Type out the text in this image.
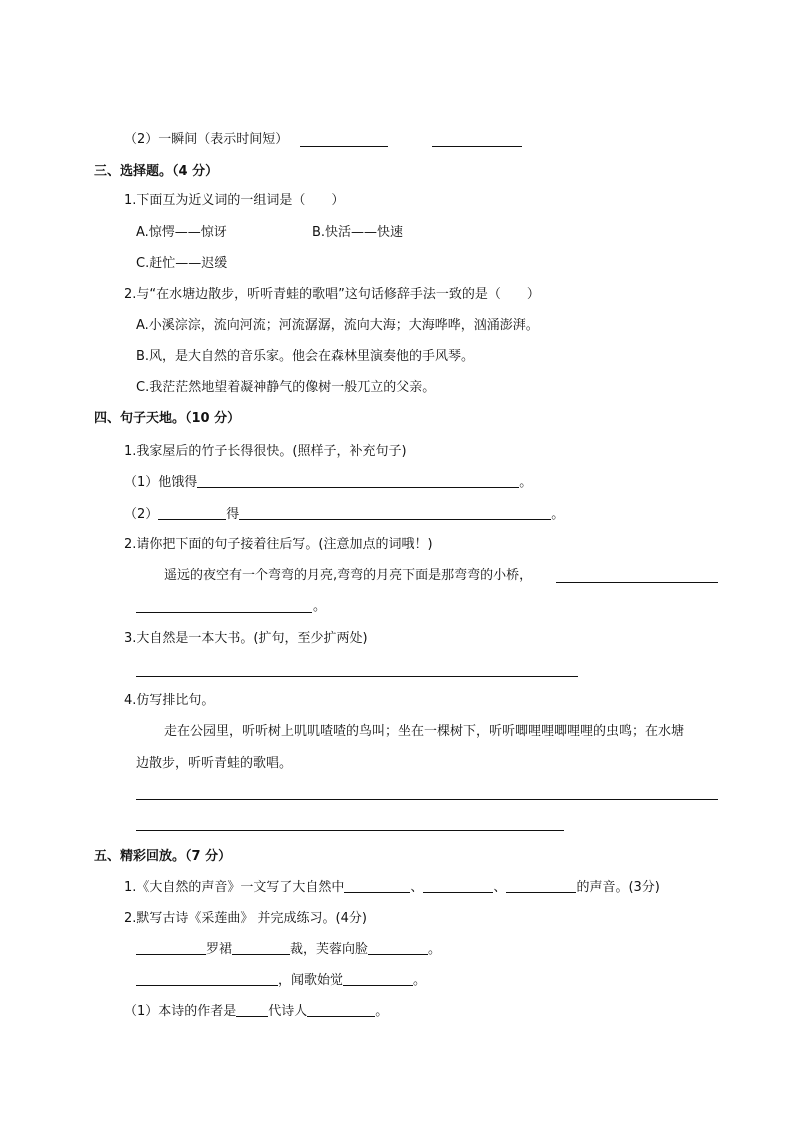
（2）一瞬间（表示时间短）
三、选择题。（4 分）
1.下面互为近义词的一组词是（　　）
A.惊愕——惊讶	B.快活——快速
C.赶忙——迟缓
2.与“在水塘边散步，听听青蛙的歌唱”这句话修辞手法一致的是（　　）
A.小溪淙淙，流向河流；河流潺潺，流向大海；大海哗哗，汹涌澎湃。
B.风，是大自然的音乐家。他会在森林里演奏他的手风琴。
C.我茫茫然地望着凝神静气的像树一般兀立的父亲。
四、句子天地。（10 分）
1.我家屋后的竹子长得很快。(照样子，补充句子)
（1）他饿得	。
（2）	得	。
2.请你把下面的句子接着往后写。(注意加点的词哦！)
遥远的夜空有一个弯弯的月亮,弯弯的月亮下面是那弯弯的小桥，
。
3.大自然是一本大书。(扩句，至少扩两处)
4.仿写排比句。
走在公园里，听听树上叽叽喳喳的鸟叫；坐在一棵树下，听听唧哩哩唧哩哩的虫鸣；在水塘
边散步，听听青蛙的歌唱。
五、精彩回放。（7 分）
1.《大自然的声音》一文写了大自然中	、	、	的声音。(3分)
2.默写古诗《采莲曲》 并完成练习。(4分)
罗裙	裁，芙蓉向脸	。
，闻歌始觉	。
（1）本诗的作者是 代诗人	。
